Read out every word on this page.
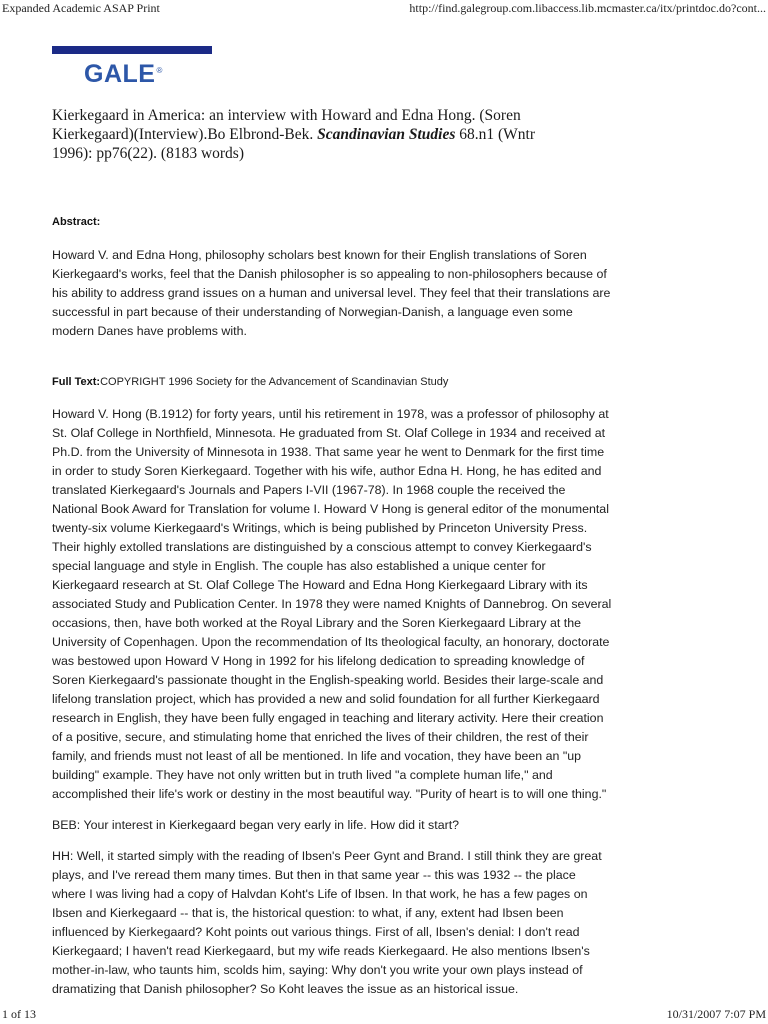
Expanded Academic ASAP Print	http://find.galegroup.com.libaccess.lib.mcmaster.ca/itx/printdoc.do?cont...
GALE®
Kierkegaard in America: an interview with Howard and Edna Hong. (Soren Kierkegaard)(Interview).Bo Elbrond-Bek. Scandinavian Studies 68.n1 (Wntr 1996): pp76(22). (8183 words)
Abstract:
Howard V. and Edna Hong, philosophy scholars best known for their English translations of Soren Kierkegaard's works, feel that the Danish philosopher is so appealing to non-philosophers because of his ability to address grand issues on a human and universal level. They feel that their translations are successful in part because of their understanding of Norwegian-Danish, a language even some modern Danes have problems with.
Full Text:COPYRIGHT 1996 Society for the Advancement of Scandinavian Study

Howard V. Hong (B.1912) for forty years, until his retirement in 1978, was a professor of philosophy at St. Olaf College in Northfield, Minnesota. He graduated from St. Olaf College in 1934 and received at Ph.D. from the University of Minnesota in 1938. That same year he went to Denmark for the first time in order to study Soren Kierkegaard. Together with his wife, author Edna H. Hong, he has edited and translated Kierkegaard's Journals and Papers I-VII (1967-78). In 1968 couple the received the National Book Award for Translation for volume I. Howard V Hong is general editor of the monumental twenty-six volume Kierkegaard's Writings, which is being published by Princeton University Press. Their highly extolled translations are distinguished by a conscious attempt to convey Kierkegaard's special language and style in English. The couple has also established a unique center for Kierkegaard research at St. Olaf College The Howard and Edna Hong Kierkegaard Library with its associated Study and Publication Center. In 1978 they were named Knights of Dannebrog. On several occasions, then, have both worked at the Royal Library and the Soren Kierkegaard Library at the University of Copenhagen. Upon the recommendation of Its theological faculty, an honorary, doctorate was bestowed upon Howard V Hong in 1992 for his lifelong dedication to spreading knowledge of Soren Kierkegaard's passionate thought in the English-speaking world. Besides their large-scale and lifelong translation project, which has provided a new and solid foundation for all further Kierkegaard research in English, they have been fully engaged in teaching and literary activity. Here their creation of a positive, secure, and stimulating home that enriched the lives of their children, the rest of their family, and friends must not least of all be mentioned. In life and vocation, they have been an "up building" example. They have not only written but in truth lived "a complete human life," and accomplished their life's work or destiny in the most beautiful way. "Purity of heart is to will one thing."

BEB: Your interest in Kierkegaard began very early in life. How did it start?

HH: Well, it started simply with the reading of Ibsen's Peer Gynt and Brand. I still think they are great plays, and I've reread them many times. But then in that same year -- this was 1932 -- the place where I was living had a copy of Halvdan Koht's Life of Ibsen. In that work, he has a few pages on Ibsen and Kierkegaard -- that is, the historical question: to what, if any, extent had Ibsen been influenced by Kierkegaard? Koht points out various things. First of all, Ibsen's denial: I don't read Kierkegaard; I haven't read Kierkegaard, but my wife reads Kierkegaard. He also mentions Ibsen's mother-in-law, who taunts him, scolds him, saying: Why don't you write your own plays instead of dramatizing that Danish philosopher? So Koht leaves the issue as an historical issue.

1 of 13	10/31/2007 7:07 PM
